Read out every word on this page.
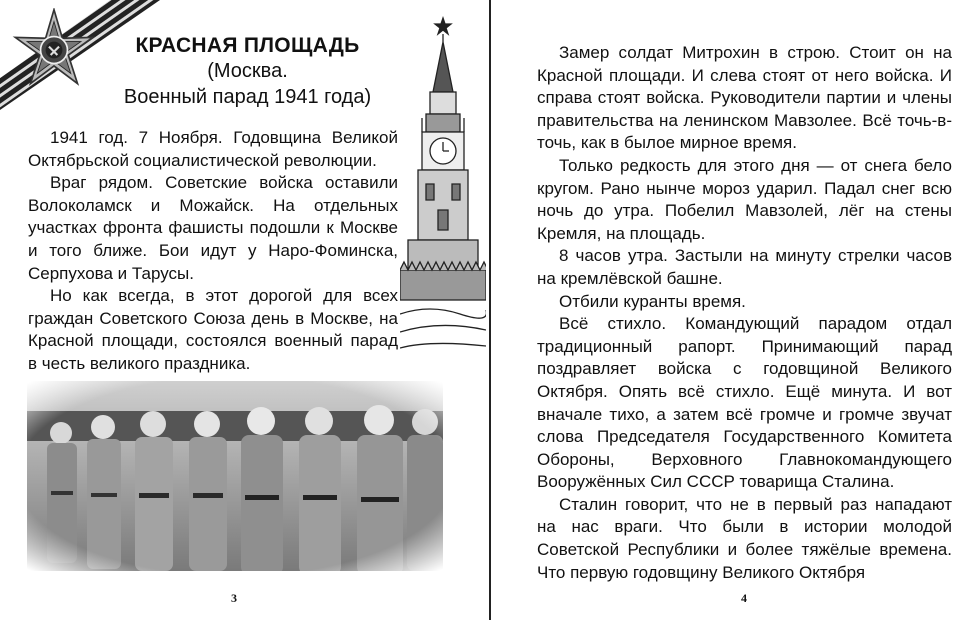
КРАСНАЯ ПЛОЩАДЬ
(Москва.
Военный парад 1941 года)

1941 год. 7 Ноября. Годовщина Великой Октябрьской социалистической революции.

Враг рядом. Советские войска оставили Волоколамск и Можайск. На отдельных участках фронта фашисты подошли к Москве и того ближе. Бои идут у Наро-Фоминска, Серпухова и Тарусы.

Но как всегда, в этот дорогой для всех граждан Советского Союза день в Москве, на Красной площади, состоялся военный парад в честь великого праздника.

3

Замер солдат Митрохин в строю. Стоит он на Красной площади. И слева стоят от него войска. И справа стоят войска. Руководители партии и члены правительства на ленинском Мавзолее. Всё точь-в-точь, как в былое мирное время.

Только редкость для этого дня — от снега бело кругом. Рано нынче мороз ударил. Падал снег всю ночь до утра. Побелил Мавзолей, лёг на стены Кремля, на площадь.

8 часов утра. Застыли на минуту стрелки часов на кремлёвской башне.

Отбили куранты время.

Всё стихло. Командующий парадом отдал традиционный рапорт. Принимающий парад поздравляет войска с годовщиной Великого Октября. Опять всё стихло. Ещё минута. И вот вначале тихо, а затем всё громче и громче звучат слова Председателя Государственного Комитета Обороны, Верховного Главнокомандующего Вооружённых Сил СССР товарища Сталина.

Сталин говорит, что не в первый раз нападают на нас враги. Что были в истории молодой Советской Республики и более тяжёлые времена. Что первую годовщину Великого Октября

4
